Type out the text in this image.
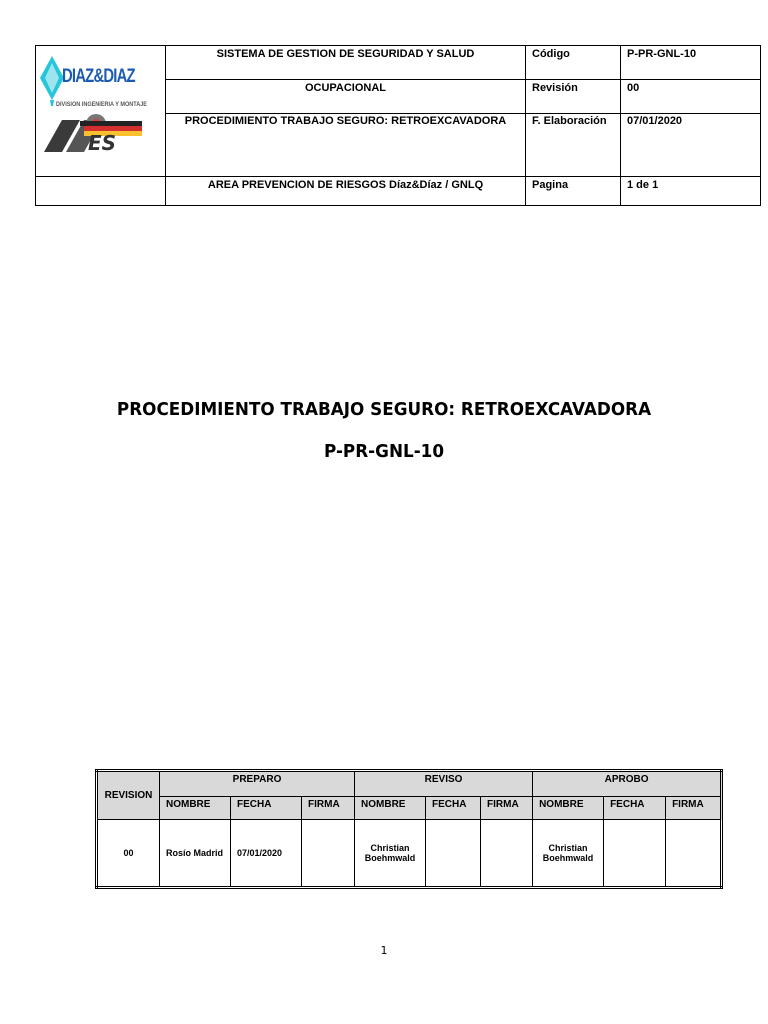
DIAZ&DIAZ
DIVISION INGENIERIA Y MONTAJE
ES	SISTEMA DE GESTION DE SEGURIDAD Y SALUD	Código	P-PR-GNL-10
	OCUPACIONAL	Revisión	00
	PROCEDIMIENTO TRABAJO SEGURO: RETROEXCAVADORA	F. Elaboración	07/01/2020
	AREA PREVENCION DE RIESGOS Díaz&Díaz / GNLQ	Pagina	1 de 1
PROCEDIMIENTO TRABAJO SEGURO: RETROEXCAVADORA
P-PR-GNL-10
REVISION	PREPARO			REVISO			APROBO		
	NOMBRE	FECHA	FIRMA	NOMBRE	FECHA	FIRMA	NOMBRE	FECHA	FIRMA
00	Rosío Madrid	07/01/2020		Christian Boehmwald			Christian Boehmwald		
1
